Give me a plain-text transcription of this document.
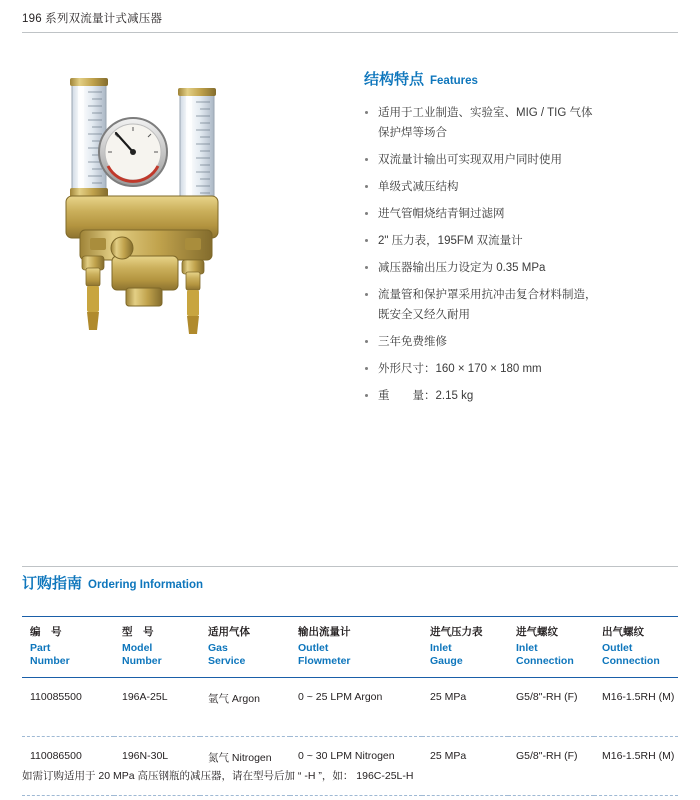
196 系列双流量计式减压器
结构特点 Features
适用于工业制造、实验室、MIG / TIG 气体
保护焊等场合
双流量计输出可实现双用户同时使用
单级式减压结构
进气管帽烧结青铜过滤网
2" 压力表，195FM 双流量计
减压器输出压力设定为 0.35 MPa
流量管和保护罩采用抗冲击复合材料制造，
既安全又经久耐用
三年免费维修
外形尺寸：160 × 170 × 180 mm
重　　量：2.15 kg
订购指南 Ordering Information
编　号
Part
Number	型　号
Model
Number	适用气体
Gas
Service	输出流量计
Outlet
Flowmeter	进气压力表
Inlet
Gauge	进气螺纹
Inlet
Connection	出气螺纹
Outlet
Connection

110085500	196A-25L	氩气 Argon	0 ~ 25 LPM Argon	25 MPa	G5/8"-RH (F)	M16-1.5RH (M)
110086500	196N-30L	氮气 Nitrogen	0 ~ 30 LPM Nitrogen	25 MPa	G5/8"-RH (F)	M16-1.5RH (M)
如需订购适用于 20 MPa 高压钢瓶的减压器，请在型号后加 “ -H ”，如： 196C-25L-H
